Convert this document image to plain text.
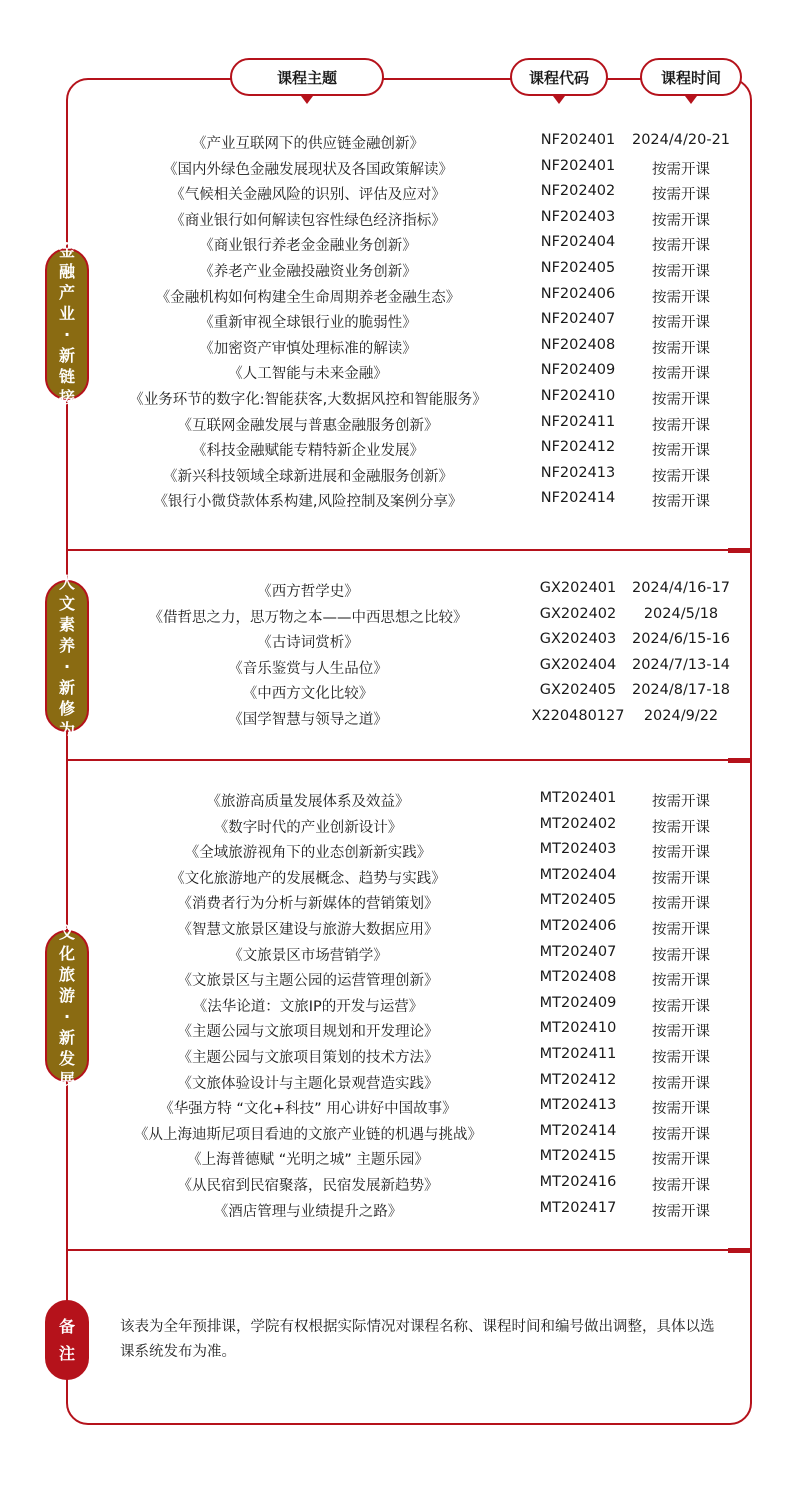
课程主题	课程代码	课程时间
金
融
产
业
·
新
链
接
人
文
素
养
·
新
修
为
文
化
旅
游
·
新
发
展
备
注
《产业互联网下的供应链金融创新》	NF202401	2024/4/20-21
《国内外绿色金融发展现状及各国政策解读》	NF202401	按需开课
《气候相关金融风险的识别、评估及应对》	NF202402	按需开课
《商业银行如何解读包容性绿色经济指标》	NF202403	按需开课
《商业银行养老金金融业务创新》	NF202404	按需开课
《养老产业金融投融资业务创新》	NF202405	按需开课
《金融机构如何构建全生命周期养老金融生态》	NF202406	按需开课
《重新审视全球银行业的脆弱性》	NF202407	按需开课
《加密资产审慎处理标准的解读》	NF202408	按需开课
《人工智能与未来金融》	NF202409	按需开课
《业务环节的数字化:智能获客,大数据风控和智能服务》	NF202410	按需开课
《互联网金融发展与普惠金融服务创新》	NF202411	按需开课
《科技金融赋能专精特新企业发展》	NF202412	按需开课
《新兴科技领域全球新进展和金融服务创新》	NF202413	按需开课
《银行小微贷款体系构建,风险控制及案例分享》	NF202414	按需开课
《西方哲学史》	GX202401	2024/4/16-17
《借哲思之力，思万物之本——中西思想之比较》	GX202402	2024/5/18
《古诗词赏析》	GX202403	2024/6/15-16
《音乐鉴赏与人生品位》	GX202404	2024/7/13-14
《中西方文化比较》	GX202405	2024/8/17-18
《国学智慧与领导之道》	X220480127	2024/9/22
《旅游高质量发展体系及效益》	MT202401	按需开课
《数字时代的产业创新设计》	MT202402	按需开课
《全域旅游视角下的业态创新新实践》	MT202403	按需开课
《文化旅游地产的发展概念、趋势与实践》	MT202404	按需开课
《消费者行为分析与新媒体的营销策划》	MT202405	按需开课
《智慧文旅景区建设与旅游大数据应用》	MT202406	按需开课
《文旅景区市场营销学》	MT202407	按需开课
《文旅景区与主题公园的运营管理创新》	MT202408	按需开课
《法华论道：文旅IP的开发与运营》	MT202409	按需开课
《主题公园与文旅项目规划和开发理论》	MT202410	按需开课
《主题公园与文旅项目策划的技术方法》	MT202411	按需开课
《文旅体验设计与主题化景观营造实践》	MT202412	按需开课
《华强方特 “文化+科技” 用心讲好中国故事》	MT202413	按需开课
《从上海迪斯尼项目看迪的文旅产业链的机遇与挑战》	MT202414	按需开课
《上海普德赋 “光明之城” 主题乐园》	MT202415	按需开课
《从民宿到民宿聚落，民宿发展新趋势》	MT202416	按需开课
《酒店管理与业绩提升之路》	MT202417	按需开课
该表为全年预排课，学院有权根据实际情况对课程名称、课程时间和编号做出调整，具体以选课系统发布为准。
